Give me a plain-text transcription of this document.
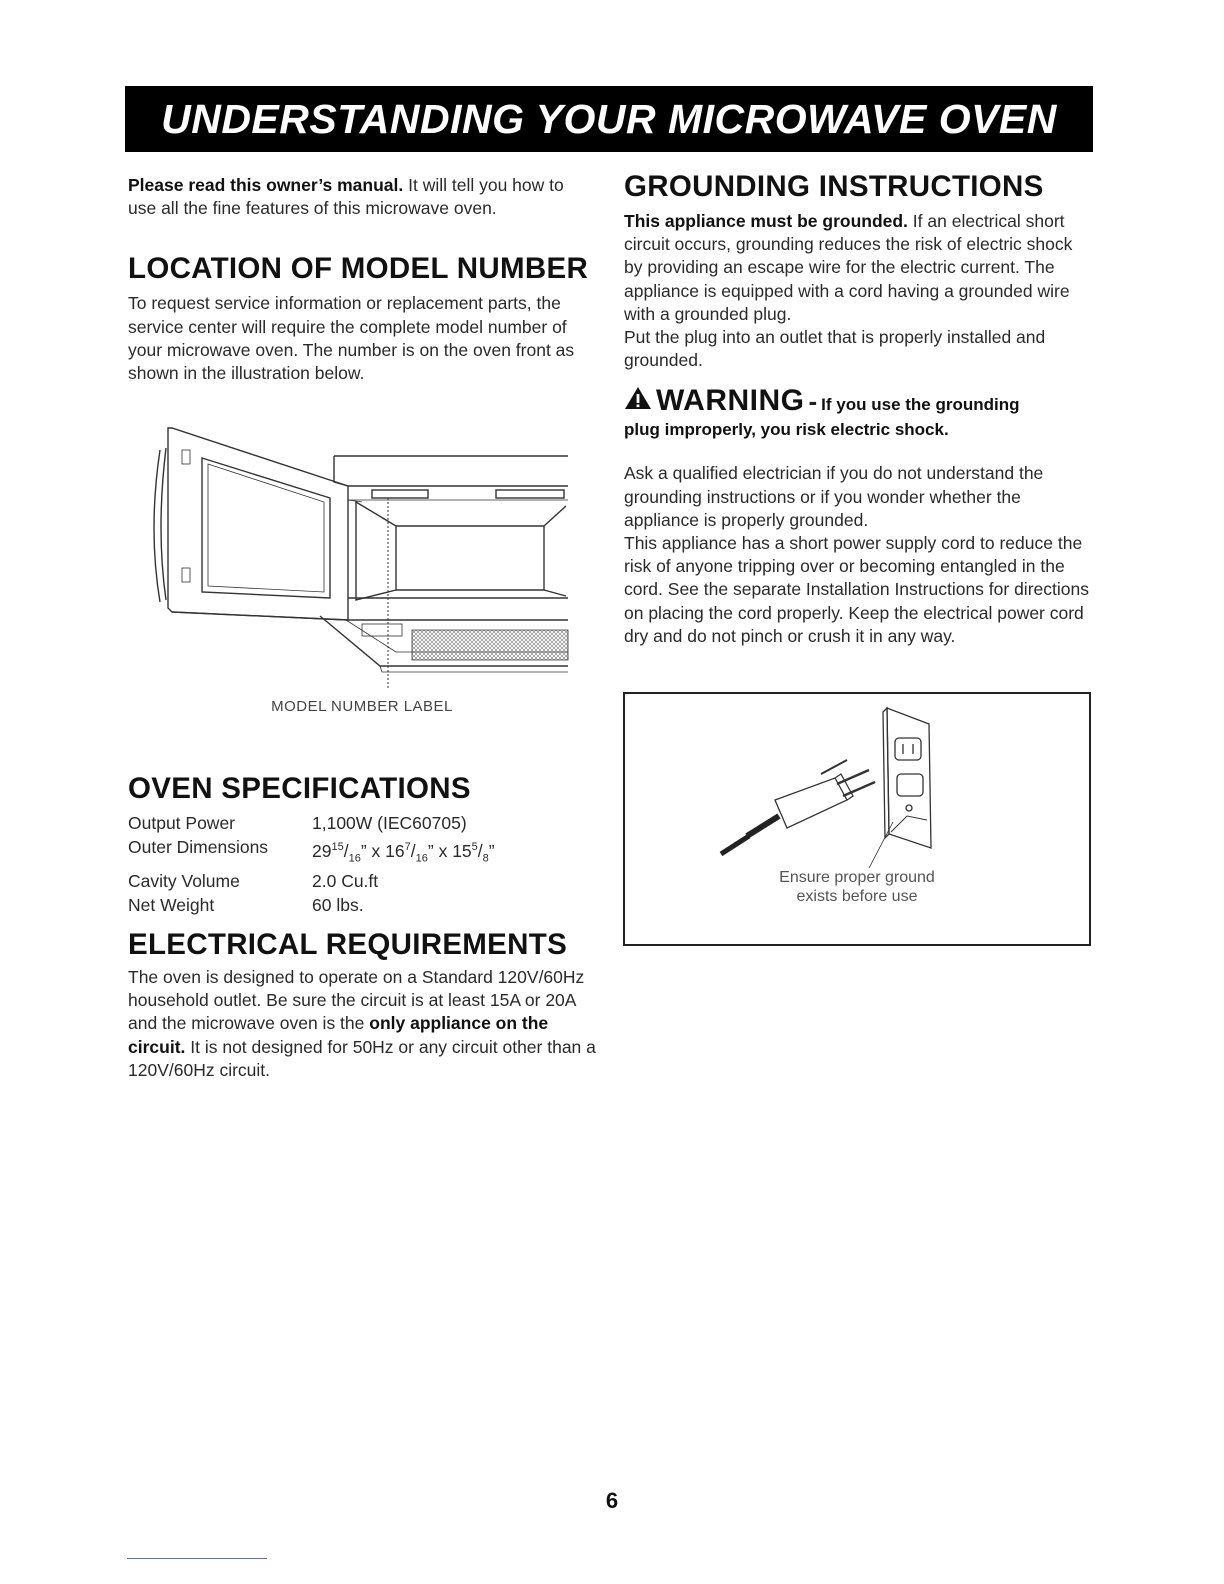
UNDERSTANDING YOUR MICROWAVE OVEN

Please read this owner’s manual. It will tell you how to use all the fine features of this microwave oven.

LOCATION OF MODEL NUMBER

To request service information or replacement parts, the service center will require the complete model number of your microwave oven. The number is on the oven front as shown in the illustration below.

MODEL NUMBER LABEL
OVEN SPECIFICATIONS
Output Power	1,100W (IEC60705)
Outer Dimensions	$29^{15}/_{16}$” x $16^7/_{16}$” x $15^5/_8$”
Cavity Volume	2.0 Cu.ft
Net Weight	60 lbs.
ELECTRICAL REQUIREMENTS

The oven is designed to operate on a Standard 120V/60Hz household outlet. Be sure the circuit is at least 15A or 20A and the microwave oven is the only appliance on the circuit. It is not designed for 50Hz or any circuit other than a 120V/60Hz circuit.

GROUNDING INSTRUCTIONS

This appliance must be grounded. If an electrical short circuit occurs, grounding reduces the risk of electric shock by providing an escape wire for the electric current. The appliance is equipped with a cord having a grounded wire with a grounded plug.

Put the plug into an outlet that is properly installed and grounded.

WARNING - If you use the grounding
plug improperly, you risk electric shock.

Ask a qualified electrician if you do not understand the grounding instructions or if you wonder whether the appliance is properly grounded.

This appliance has a short power supply cord to reduce the risk of anyone tripping over or becoming entangled in the cord. See the separate Installation Instructions for directions on placing the cord properly. Keep the electrical power cord dry and do not pinch or crush it in any way.

Ensure proper ground
exists before use
6
